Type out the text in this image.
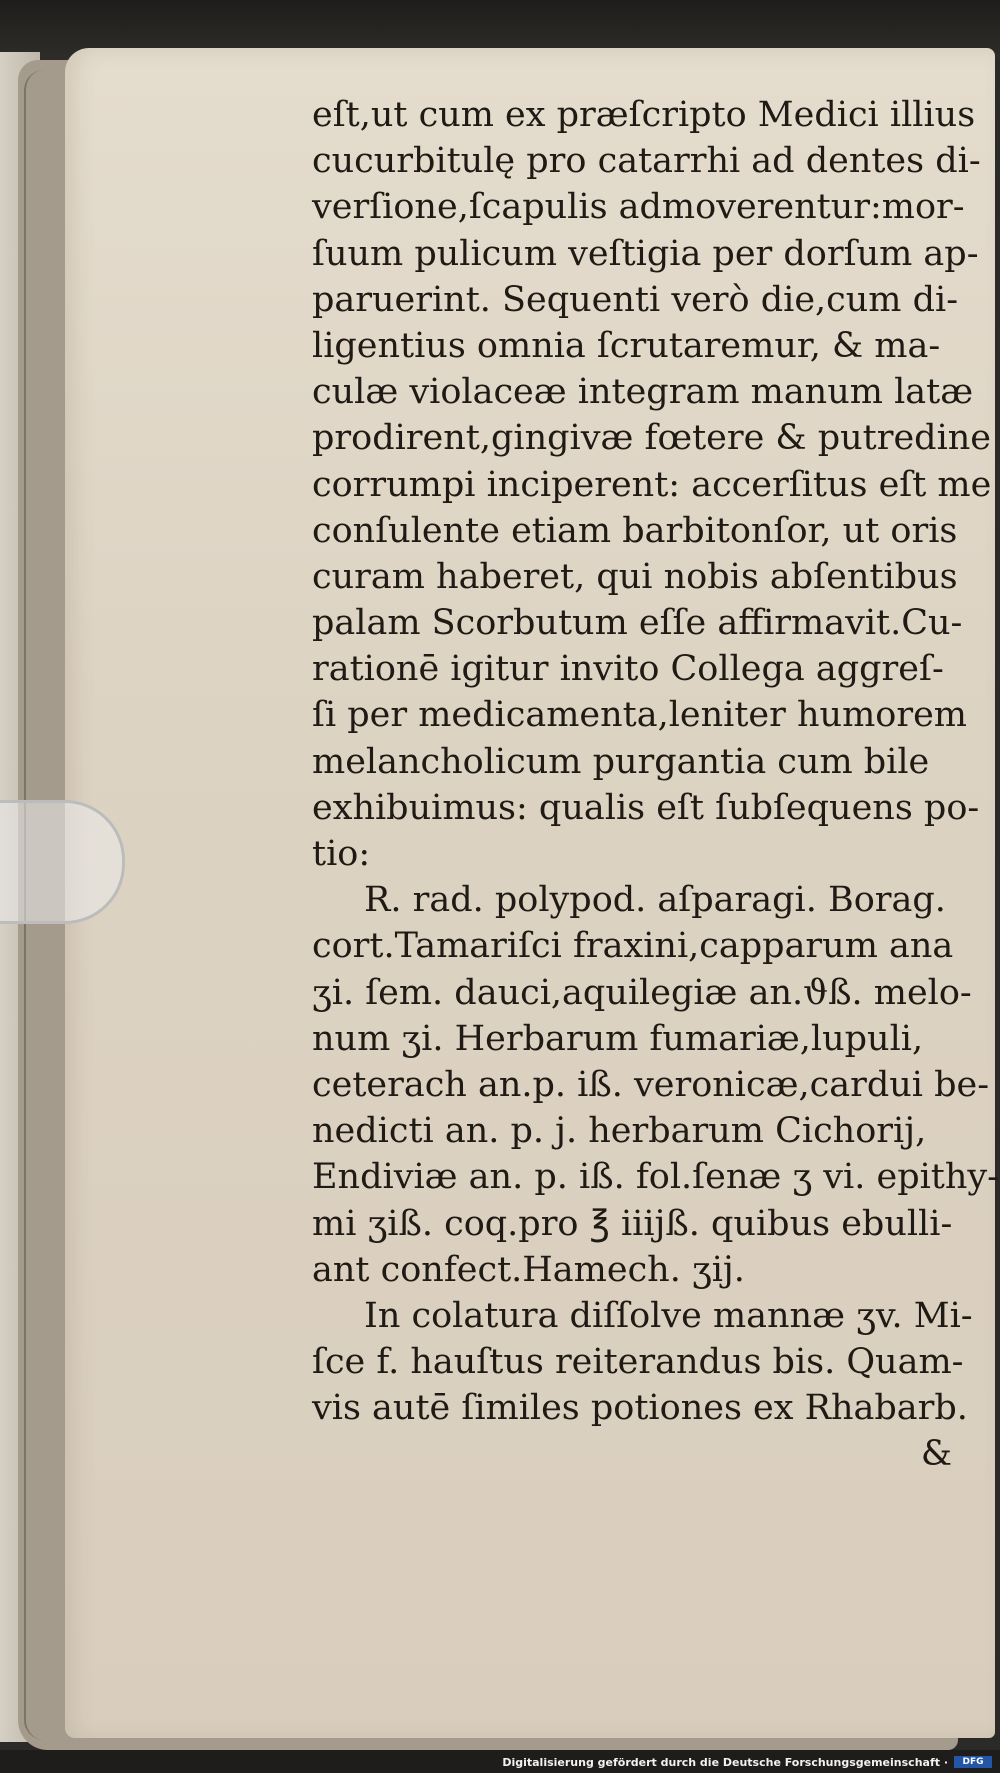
eſt,ut cum ex præſcripto Medici illius
cucurbitulę pro catarrhi ad dentes di-
verſione,ſcapulis admoverentur:mor-
ſuum pulicum veſtigia per dorſum ap-
paruerint. Sequenti verò die,cum di-
ligentius omnia ſcrutaremur, & ma-
culæ violaceæ integram manum latæ
prodirent,gingivæ fœtere & putredine
corrumpi inciperent: accerſitus eſt me
conſulente etiam barbitonſor, ut oris
curam haberet, qui nobis abſentibus
palam Scorbutum eſſe affirmavit.Cu-
rationē igitur invito Collega aggreſ-
ſi per medicamenta,leniter humorem
melancholicum purgantia cum bile
exhibuimus: qualis eſt ſubſequens po-
tio:
R. rad. polypod. aſparagi. Borag.
cort.Tamariſci fraxini,capparum ana
ʒi. ſem. dauci,aquilegiæ an.ϑß. melo-
num ʒi. Herbarum fumariæ,lupuli,
ceterach an.p. iß. veronicæ,cardui be-
nedicti an. p. j. herbarum Cichorij,
Endiviæ an. p. iß. fol.ſenæ ʒ vi. epithy-
mi ʒiß. coq.pro ℥ iiijß. quibus ebulli-
ant confect.Hamech. ʒij.
In colatura diſſolve mannæ ʒv. Mi-
ſce f. hauſtus reiterandus bis. Quam-
vis autē ſimiles potiones ex Rhabarb.
&
Digitalisierung gefördert durch die Deutsche Forschungsgemeinschaft ·	DFG
